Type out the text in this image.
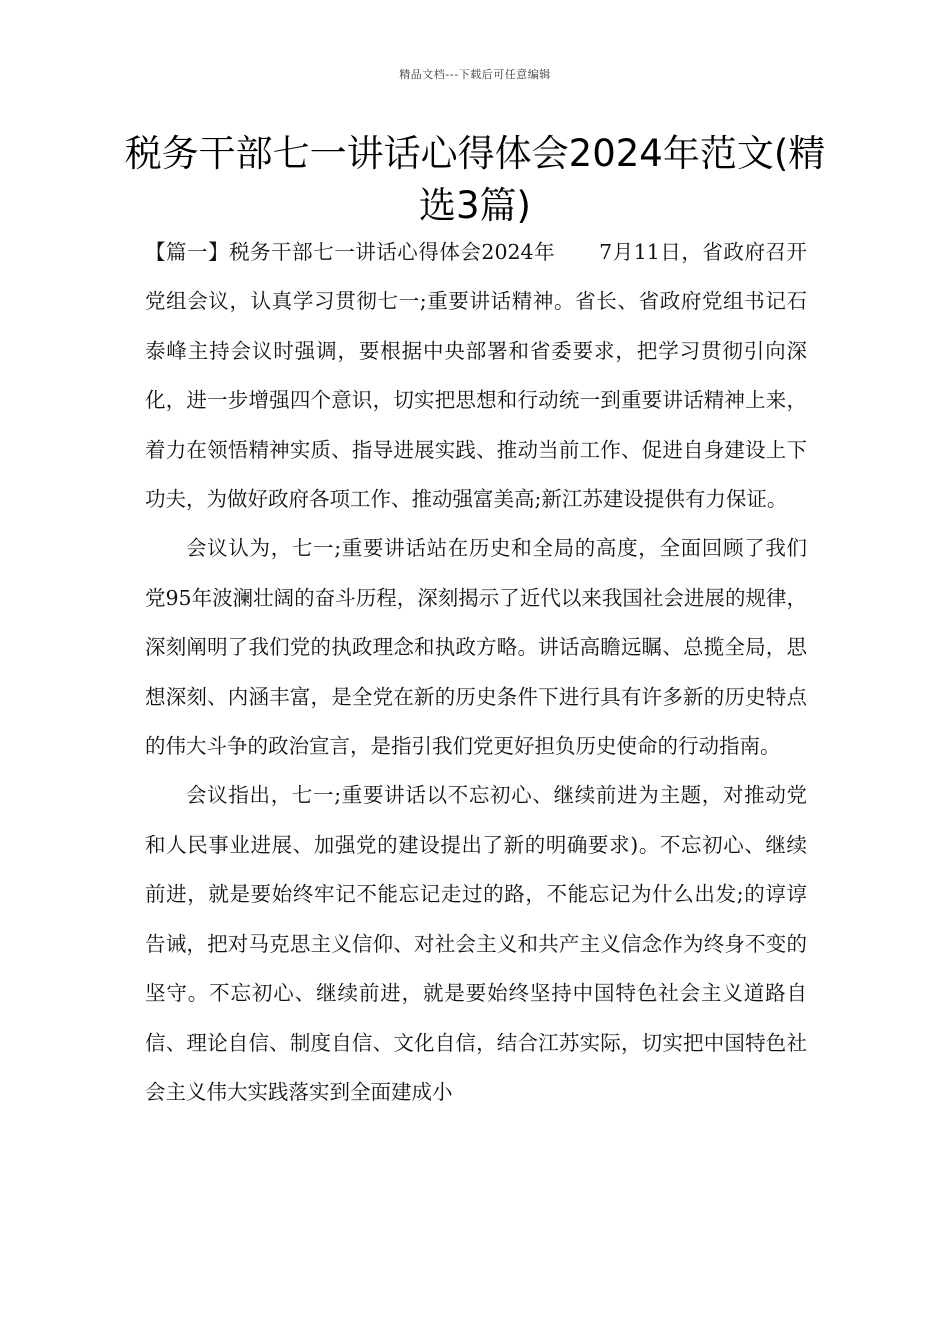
精品文档---下载后可任意编辑
税务干部七一讲话心得体会2024年范文(精选3篇)

【篇一】税务干部七一讲话心得体会2024年 7月11日，省政府召开党组会议，认真学习贯彻七一;重要讲话精神。省长、省政府党组书记石泰峰主持会议时强调，要根据中央部署和省委要求，把学习贯彻引向深化，进一步增强四个意识，切实把思想和行动统一到重要讲话精神上来，着力在领悟精神实质、指导进展实践、推动当前工作、促进自身建设上下功夫，为做好政府各项工作、推动强富美高;新江苏建设提供有力保证。

会议认为，七一;重要讲话站在历史和全局的高度，全面回顾了我们党95年波澜壮阔的奋斗历程，深刻揭示了近代以来我国社会进展的规律，深刻阐明了我们党的执政理念和执政方略。讲话高瞻远瞩、总揽全局，思想深刻、内涵丰富，是全党在新的历史条件下进行具有许多新的历史特点的伟大斗争的政治宣言，是指引我们党更好担负历史使命的行动指南。

会议指出，七一;重要讲话以不忘初心、继续前进为主题，对推动党和人民事业进展、加强党的建设提出了新的明确要求)。不忘初心、继续前进，就是要始终牢记不能忘记走过的路，不能忘记为什么出发;的谆谆告诫，把对马克思主义信仰、对社会主义和共产主义信念作为终身不变的坚守。不忘初心、继续前进，就是要始终坚持中国特色社会主义道路自信、理论自信、制度自信、文化自信，结合江苏实际，切实把中国特色社会主义伟大实践落实到全面建成小
